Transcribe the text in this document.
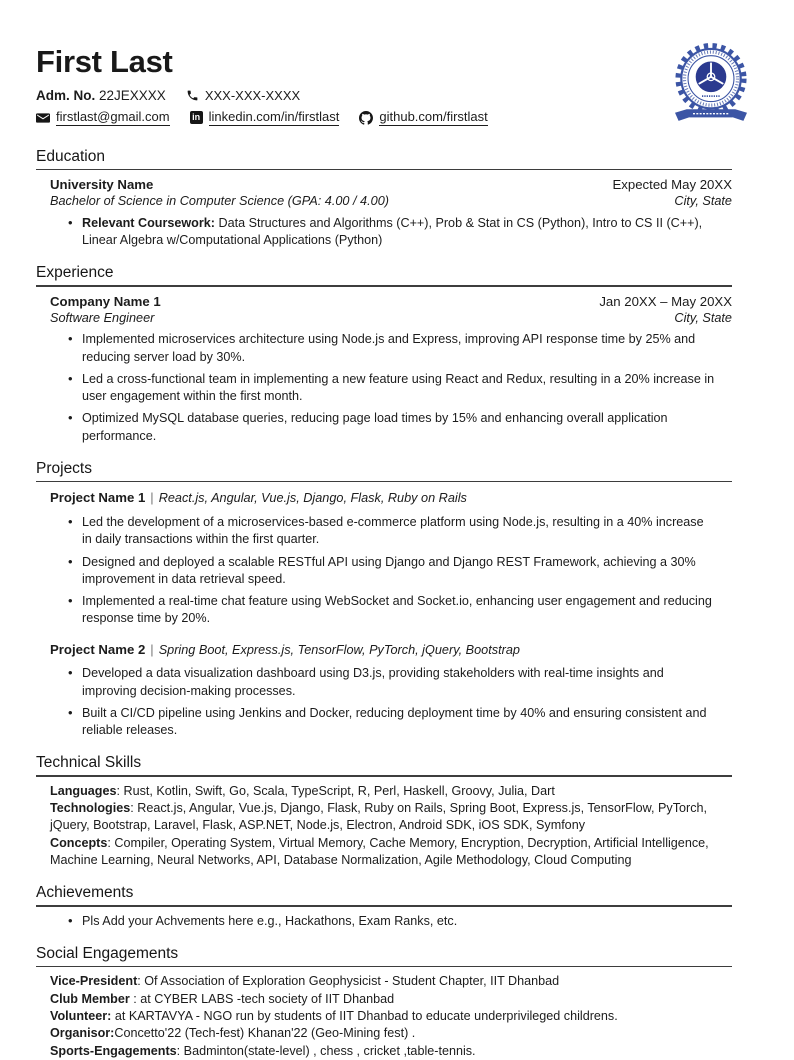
First Last
Adm. No. 22JEXXXX	XXX-XXX-XXXX
firstlast@gmail.com	in linkedin.com/in/firstlast	github.com/firstlast
Education
University Name	Expected May 20XX
Bachelor of Science in Computer Science (GPA: 4.00 / 4.00)	City, State
• Relevant Coursework: Data Structures and Algorithms (C++), Prob & Stat in CS (Python), Intro to CS II (C++), Linear Algebra w/Computational Applications (Python)
Experience
Company Name 1	Jan 20XX – May 20XX
Software Engineer	City, State
• Implemented microservices architecture using Node.js and Express, improving API response time by 25% and reducing server load by 30%.
• Led a cross-functional team in implementing a new feature using React and Redux, resulting in a 20% increase in user engagement within the first month.
• Optimized MySQL database queries, reducing page load times by 15% and enhancing overall application performance.
Projects
Project Name 1 | React.js, Angular, Vue.js, Django, Flask, Ruby on Rails
• Led the development of a microservices-based e-commerce platform using Node.js, resulting in a 40% increase in daily transactions within the first quarter.
• Designed and deployed a scalable RESTful API using Django and Django REST Framework, achieving a 30% improvement in data retrieval speed.
• Implemented a real-time chat feature using WebSocket and Socket.io, enhancing user engagement and reducing response time by 20%.
Project Name 2 | Spring Boot, Express.js, TensorFlow, PyTorch, jQuery, Bootstrap
• Developed a data visualization dashboard using D3.js, providing stakeholders with real-time insights and improving decision-making processes.
• Built a CI/CD pipeline using Jenkins and Docker, reducing deployment time by 40% and ensuring consistent and reliable releases.
Technical Skills
Languages: Rust, Kotlin, Swift, Go, Scala, TypeScript, R, Perl, Haskell, Groovy, Julia, Dart
Technologies: React.js, Angular, Vue.js, Django, Flask, Ruby on Rails, Spring Boot, Express.js, TensorFlow, PyTorch, jQuery, Bootstrap, Laravel, Flask, ASP.NET, Node.js, Electron, Android SDK, iOS SDK, Symfony
Concepts: Compiler, Operating System, Virtual Memory, Cache Memory, Encryption, Decryption, Artificial Intelligence, Machine Learning, Neural Networks, API, Database Normalization, Agile Methodology, Cloud Computing
Achievements
• Pls Add your Achvements here e.g., Hackathons, Exam Ranks, etc.
Social Engagements
Vice-President: Of Association of Exploration Geophysicist - Student Chapter, IIT Dhanbad
Club Member : at CYBER LABS -tech society of IIT Dhanbad
Volunteer: at KARTAVYA - NGO run by students of IIT Dhanbad to educate underprivileged childrens.
Organisor:Concetto'22 (Tech-fest) Khanan'22 (Geo-Mining fest) .
Sports-Engagements: Badminton(state-level) , chess , cricket ,table-tennis.
